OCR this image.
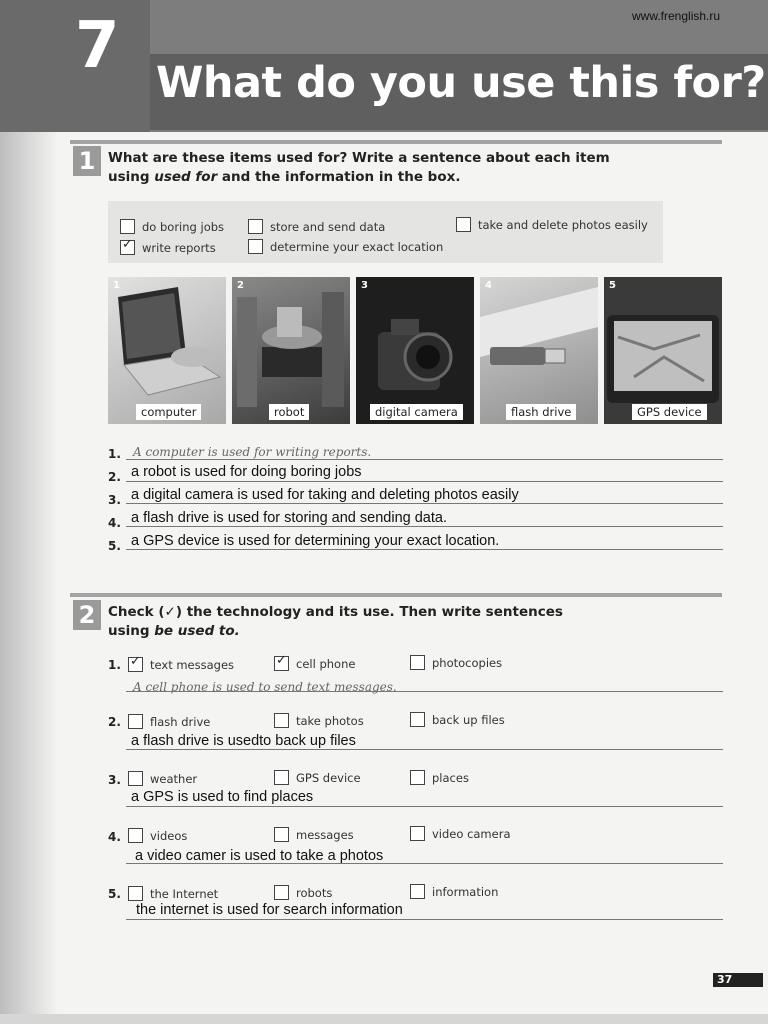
www.frenglish.ru
7 What do you use this for?
1 What are these items used for? Write a sentence about each item
using used for and the information in the box.
do boring jobs
✓
write reports
store and send data
determine your exact location
take and delete photos easily
1
computer
2
robot
3
digital camera
4
flash drive
5
GPS device
1. A computer is used for writing reports.
2. a robot is used for doing boring jobs
3. a digital camera is used for taking and deleting photos easily
4. a flash drive is used for storing and sending data.
5. a GPS device is used for determining your exact location.
2 Check (✓) the technology and its use. Then write sentences
using be used to.
1. ✓	text messages ✓	cell phone	photocopies
A cell phone is used to send text messages.
2.	flash drive	take photos	back up files
a flash drive is usedto back up files
3.	weather	GPS device	places
a GPS is used to find places
4.	videos	messages	video camera
a video camer is used to take a photos
5.	the Internet	robots	information
the internet is used for search information
37
